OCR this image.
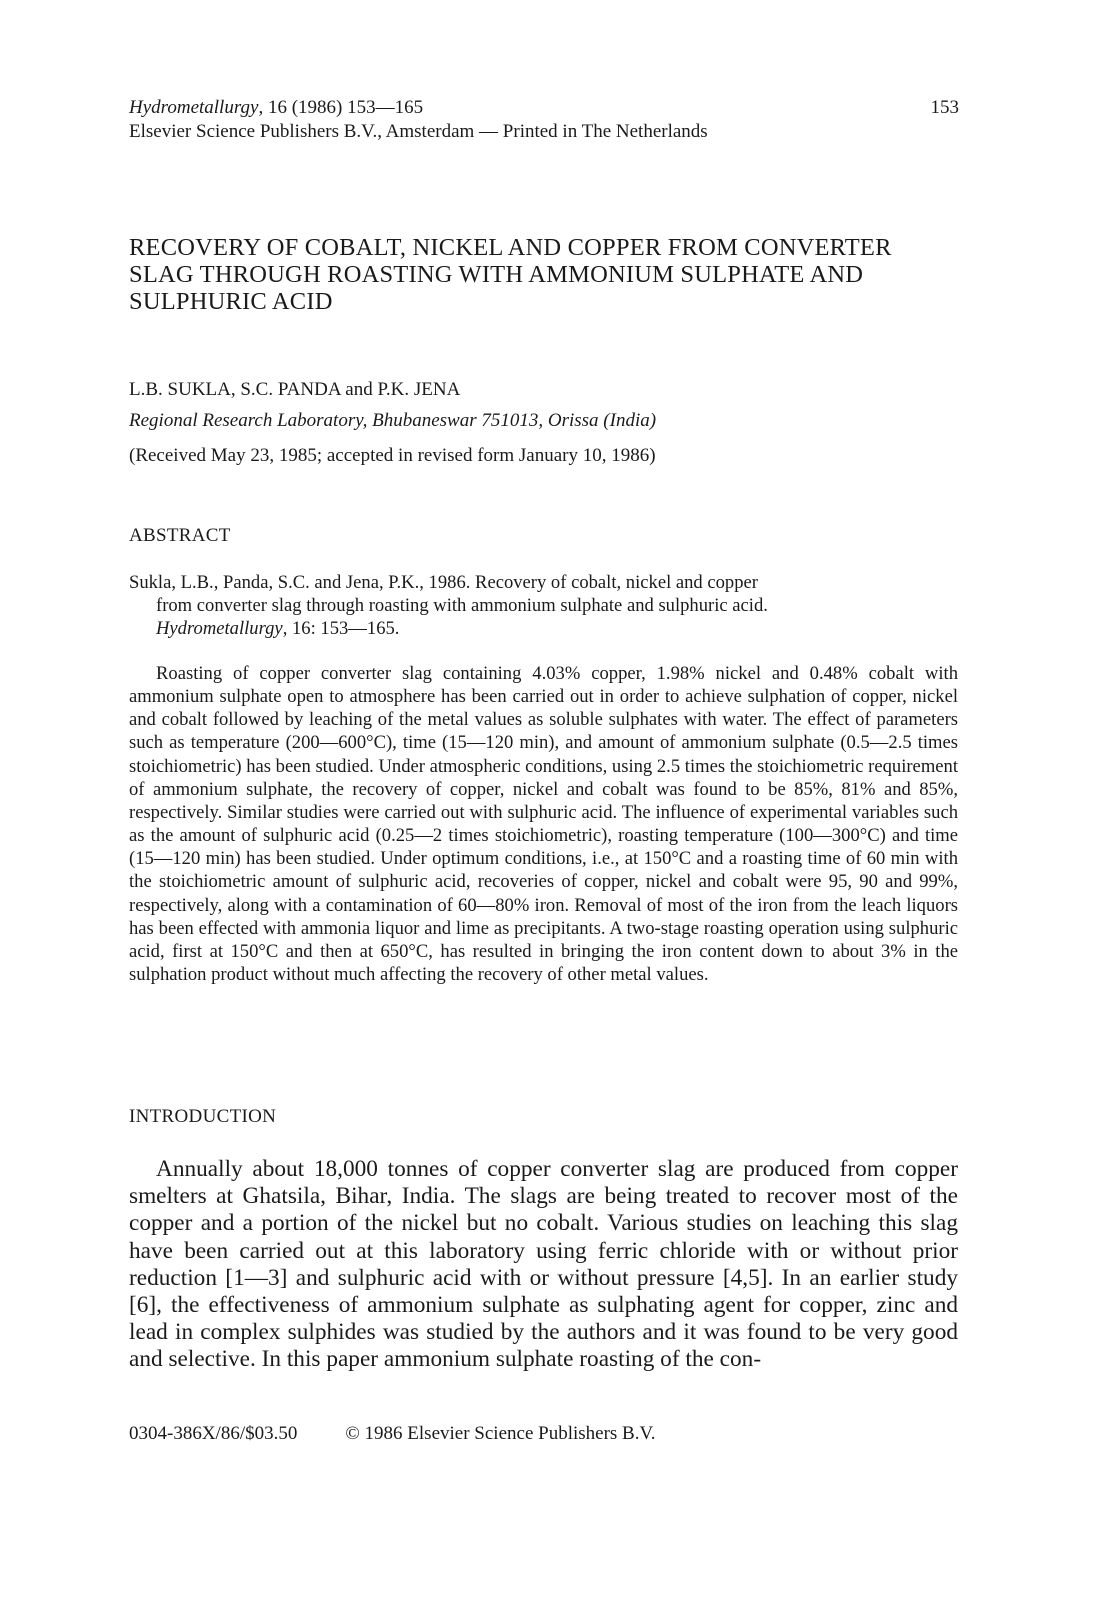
Hydrometallurgy, 16 (1986) 153—165
Elsevier Science Publishers B.V., Amsterdam — Printed in The Netherlands
153
RECOVERY OF COBALT, NICKEL AND COPPER FROM CONVERTER SLAG THROUGH ROASTING WITH AMMONIUM SULPHATE AND SULPHURIC ACID
L.B. SUKLA, S.C. PANDA and P.K. JENA
Regional Research Laboratory, Bhubaneswar 751013, Orissa (India)
(Received May 23, 1985; accepted in revised form January 10, 1986)
ABSTRACT
Sukla, L.B., Panda, S.C. and Jena, P.K., 1986. Recovery of cobalt, nickel and copper
from converter slag through roasting with ammonium sulphate and sulphuric acid.
Hydrometallurgy, 16: 153—165.

Roasting of copper converter slag containing 4.03% copper, 1.98% nickel and 0.48% cobalt with ammonium sulphate open to atmosphere has been carried out in order to achieve sulphation of copper, nickel and cobalt followed by leaching of the metal values as soluble sulphates with water. The effect of parameters such as temperature (200—600°C), time (15—120 min), and amount of ammonium sulphate (0.5—2.5 times stoichiometric) has been studied. Under atmospheric conditions, using 2.5 times the stoichiometric requirement of ammonium sulphate, the recovery of copper, nickel and cobalt was found to be 85%, 81% and 85%, respectively. Similar studies were carried out with sulphuric acid. The influence of experimental variables such as the amount of sulphuric acid (0.25—2 times stoichiometric), roasting temperature (100—300°C) and time (15—120 min) has been studied. Under optimum conditions, i.e., at 150°C and a roasting time of 60 min with the stoichiometric amount of sulphuric acid, recoveries of copper, nickel and cobalt were 95, 90 and 99%, respectively, along with a contamination of 60—80% iron. Removal of most of the iron from the leach liquors has been effected with ammonia liquor and lime as precipitants. A two-stage roasting operation using sulphuric acid, first at 150°C and then at 650°C, has resulted in bringing the iron content down to about 3% in the sulphation product without much affecting the recovery of other metal values.

INTRODUCTION

Annually about 18,000 tonnes of copper converter slag are produced from copper smelters at Ghatsila, Bihar, India. The slags are being treated to recover most of the copper and a portion of the nickel but no cobalt. Various studies on leaching this slag have been carried out at this laboratory using ferric chloride with or without prior reduction [1—3] and sulphuric acid with or without pressure [4,5]. In an earlier study [6], the effectiveness of ammonium sulphate as sulphating agent for copper, zinc and lead in complex sulphides was studied by the authors and it was found to be very good and selective. In this paper ammonium sulphate roasting of the con-

0304-386X/86/$03.50	© 1986 Elsevier Science Publishers B.V.
